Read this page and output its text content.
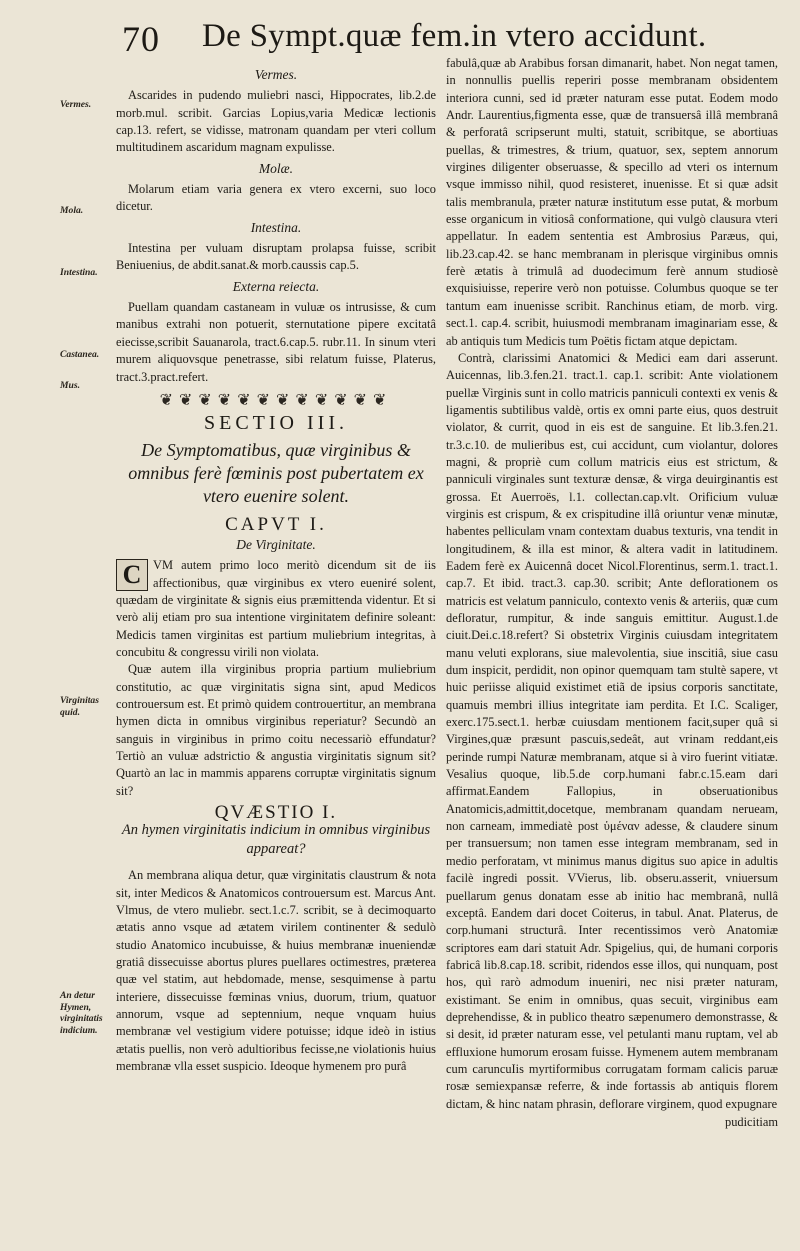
70 De Sympt.quæ fem.in vtero accidunt.
Vermes.
Mola.
Intestina.
Castanea.
Mus.
Virginitas quid.
An detur Hymen, virginitatis indicium.
Vermes.

Ascarides in pudendo muliebri nasci, Hippocrates, lib.2.de morb.mul. scribit. Garcias Lopius,varia Medicæ lectionis cap.13. refert, se vidisse, matronam quandam per vteri collum multitudinem ascaridum magnam expulisse.

Molæ.

Molarum etiam varia genera ex vtero excerni, suo loco dicetur.

Intestina.

Intestina per vuluam disruptam prolapsa fuisse, scribit Beniuenius, de abdit.sanat.& morb.caussis cap.5.

Externa reiecta.

Puellam quandam castaneam in vuluæ os intrusisse, & cum manibus extrahi non potuerit, sternutatione pipere excitatâ eiecisse,scribit Sauanarola, tract.6.cap.5. rubr.11. In sinum vteri murem aliquovsque penetrasse, sibi relatum fuisse, Platerus, tract.3.pract.refert.

❦❦❦❦❦❦❦❦❦❦❦❦
SECTIO III.
De Symptomatibus, quæ virginibus & omnibus ferè fœminis post pubertatem ex vtero euenire solent.
CAPVT I.
De Virginitate.

C VM autem primo loco meritò dicendum sit de iis affectionibus, quæ virginibus ex vtero eueniré solent, quædam de virginitate & signis eius præmittenda videntur. Et si verò alij etiam pro sua intentione virginitatem definire soleant: Medicis tamen virginitas est partium muliebrium integritas, à concubitu & congressu virili non violata.

Quæ autem illa virginibus propria partium muliebrium constitutio, ac quæ virginitatis signa sint, apud Medicos controuersum est. Et primò quidem controuertitur, an membrana hymen dicta in omnibus virginibus reperiatur? Secundò an sanguis in virginibus in primo coitu necessariò effundatur? Tertiò an vuluæ adstrictio & angustia virginitatis signum sit? Quartò an lac in mammis apparens corruptæ virginitatis signum sit?

QVÆSTIO I.
An hymen virginitatis indicium in omnibus virginibus appareat?

An membrana aliqua detur, quæ virginitatis claustrum & nota sit, inter Medicos & Anatomicos controuersum est. Marcus Ant. Vlmus, de vtero muliebr. sect.1.c.7. scribit, se à decimoquarto ætatis anno vsque ad ætatem virilem continenter & sedulò studio Anatomico incubuisse, & huius membranæ inueniendæ gratiâ dissecuisse abortus plures puellares octimestres, præterea quæ vel statim, aut hebdomade, mense, sesquimense à partu interiere, dissecuisse fœminas vnius, duorum, trium, quatuor annorum, vsque ad septennium, neque vnquam huius membranæ vel vestigium videre potuisse; idque ideò in istius ætatis puellis, non verò adultioribus fecisse,ne violationis huius membranæ vlla esset suspicio. Ideoque hymenem pro purâ

fabulâ,quæ ab Arabibus forsan dimanarit, habet. Non negat tamen, in nonnullis puellis reperiri posse membranam obsidentem interiora cunni, sed id præter naturam esse putat. Eodem modo Andr. Laurentius,figmenta esse, quæ de transuersâ illâ membranâ & perforatâ scripserunt multi, statuit, scribitque, se abortiuas puellas, & trimestres, & trium, quatuor, sex, septem annorum virgines diligenter obseruasse, & specillo ad vteri os internum vsque immisso nihil, quod resisteret, inuenisse. Et si quæ adsit talis membranula, præter naturæ institutum esse putat, & morbum esse organicum in vitiosâ conformatione, qui vulgò clausura vteri appellatur. In eadem sententia est Ambrosius Paræus, qui, lib.23.cap.42. se hanc membranam in plerisque virginibus omnis ferè ætatis à trimulâ ad duodecimum ferè annum studiosè exquisiuisse, reperire verò non potuisse. Columbus quoque se ter tantum eam inuenisse scribit. Ranchinus etiam, de morb. virg. sect.1. cap.4. scribit, huiusmodi membranam imaginariam esse, & ab antiquis tum Medicis tum Poëtis fictam atque depictam.

Contrà, clarissimi Anatomici & Medici eam dari asserunt. Auicennas, lib.3.fen.21. tract.1. cap.1. scribit: Ante violationem puellæ Virginis sunt in collo matricis panniculi contexti ex venis & ligamentis subtilibus valdè, ortis ex omni parte eius, quos destruit violator, & currit, quod in eis est de sanguine. Et lib.3.fen.21. tr.3.c.10. de mulieribus est, cui accidunt, cum violantur, dolores magni, & propriè cum collum matricis eius est strictum, & panniculi virginales sunt texturæ densæ, & virga deuirginantis est grossa. Et Auerroës, l.1. collectan.cap.vlt. Orificium vuluæ virginis est crispum, & ex crispitudine illâ oriuntur venæ minutæ, habentes pelliculam vnam contextam duabus texturis, vna tendit in longitudinem, & illa est minor, & altera vadit in latitudinem. Eadem ferè ex Auicennâ docet Nicol.Florentinus, serm.1. tract.1. cap.7. Et ibid. tract.3. cap.30. scribit; Ante deflorationem os matricis est velatum panniculo, contexto venis & arteriis, quæ cum defloratur, rumpitur, & inde sanguis emittitur. August.1.de ciuit.Dei.c.18.refert? Si obstetrix Virginis cuiusdam integritatem manu veluti explorans, siue malevolentia, siue inscitiâ, siue casu dum inspicit, perdidit, non opinor quemquam tam stultè sapere, vt huic periisse aliquid existimet etiã de ipsius corporis sanctitate, quamuis membri illius integritate iam perdita. Et I.C. Scaliger, exerc.175.sect.1. herbæ cuiusdam mentionem facit,super quâ si Virgines,quæ præsunt pascuis,sedeât, aut vrinam reddant,eis perinde rumpi Naturæ membranam, atque si à viro fuerint vitiatæ. Vesalius quoque, lib.5.de corp.humani fabr.c.15.eam dari affirmat.Eandem Fallopius, in obseruationibus Anatomicis,admittit,docetque, membranam quandam nerueam, non carneam, immediatè post ὑμέναν adesse, & claudere sinum per transuersum; non tamen esse integram membranam, sed in medio perforatam, vt minimus manus digitus suo apice in adultis facilè ingredi possit. VVierus, lib. obseru.asserit, vniuersum puellarum genus donatam esse ab initio hac membranâ, nullâ exceptâ. Eandem dari docet Coiterus, in tabul. Anat. Platerus, de corp.humani structurâ. Inter recentissimos verò Anatomiæ scriptores eam dari statuit Adr. Spigelius, qui, de humani corporis fabricâ lib.8.cap.18. scribit, ridendos esse illos, qui nunquam, post hos, quì rarò admodum inueniri, nec nisi præter naturam, existimant. Se enim in omnibus, quas secuit, virginibus eam deprehendisse, & in publico theatro sæpenumero demonstrasse, & si desit, id præter naturam esse, vel petulanti manu ruptam, vel ab effluxione humorum erosam fuisse. Hymenem autem membranam cum caruncuIis myrtiformibus corrugatam formam calicis paruæ rosæ semiexpansæ referre, & inde fortassis ab antiquis florem dictam, & hinc natam phrasin, deflorare virginem, quod expugnare

pudicitiam
